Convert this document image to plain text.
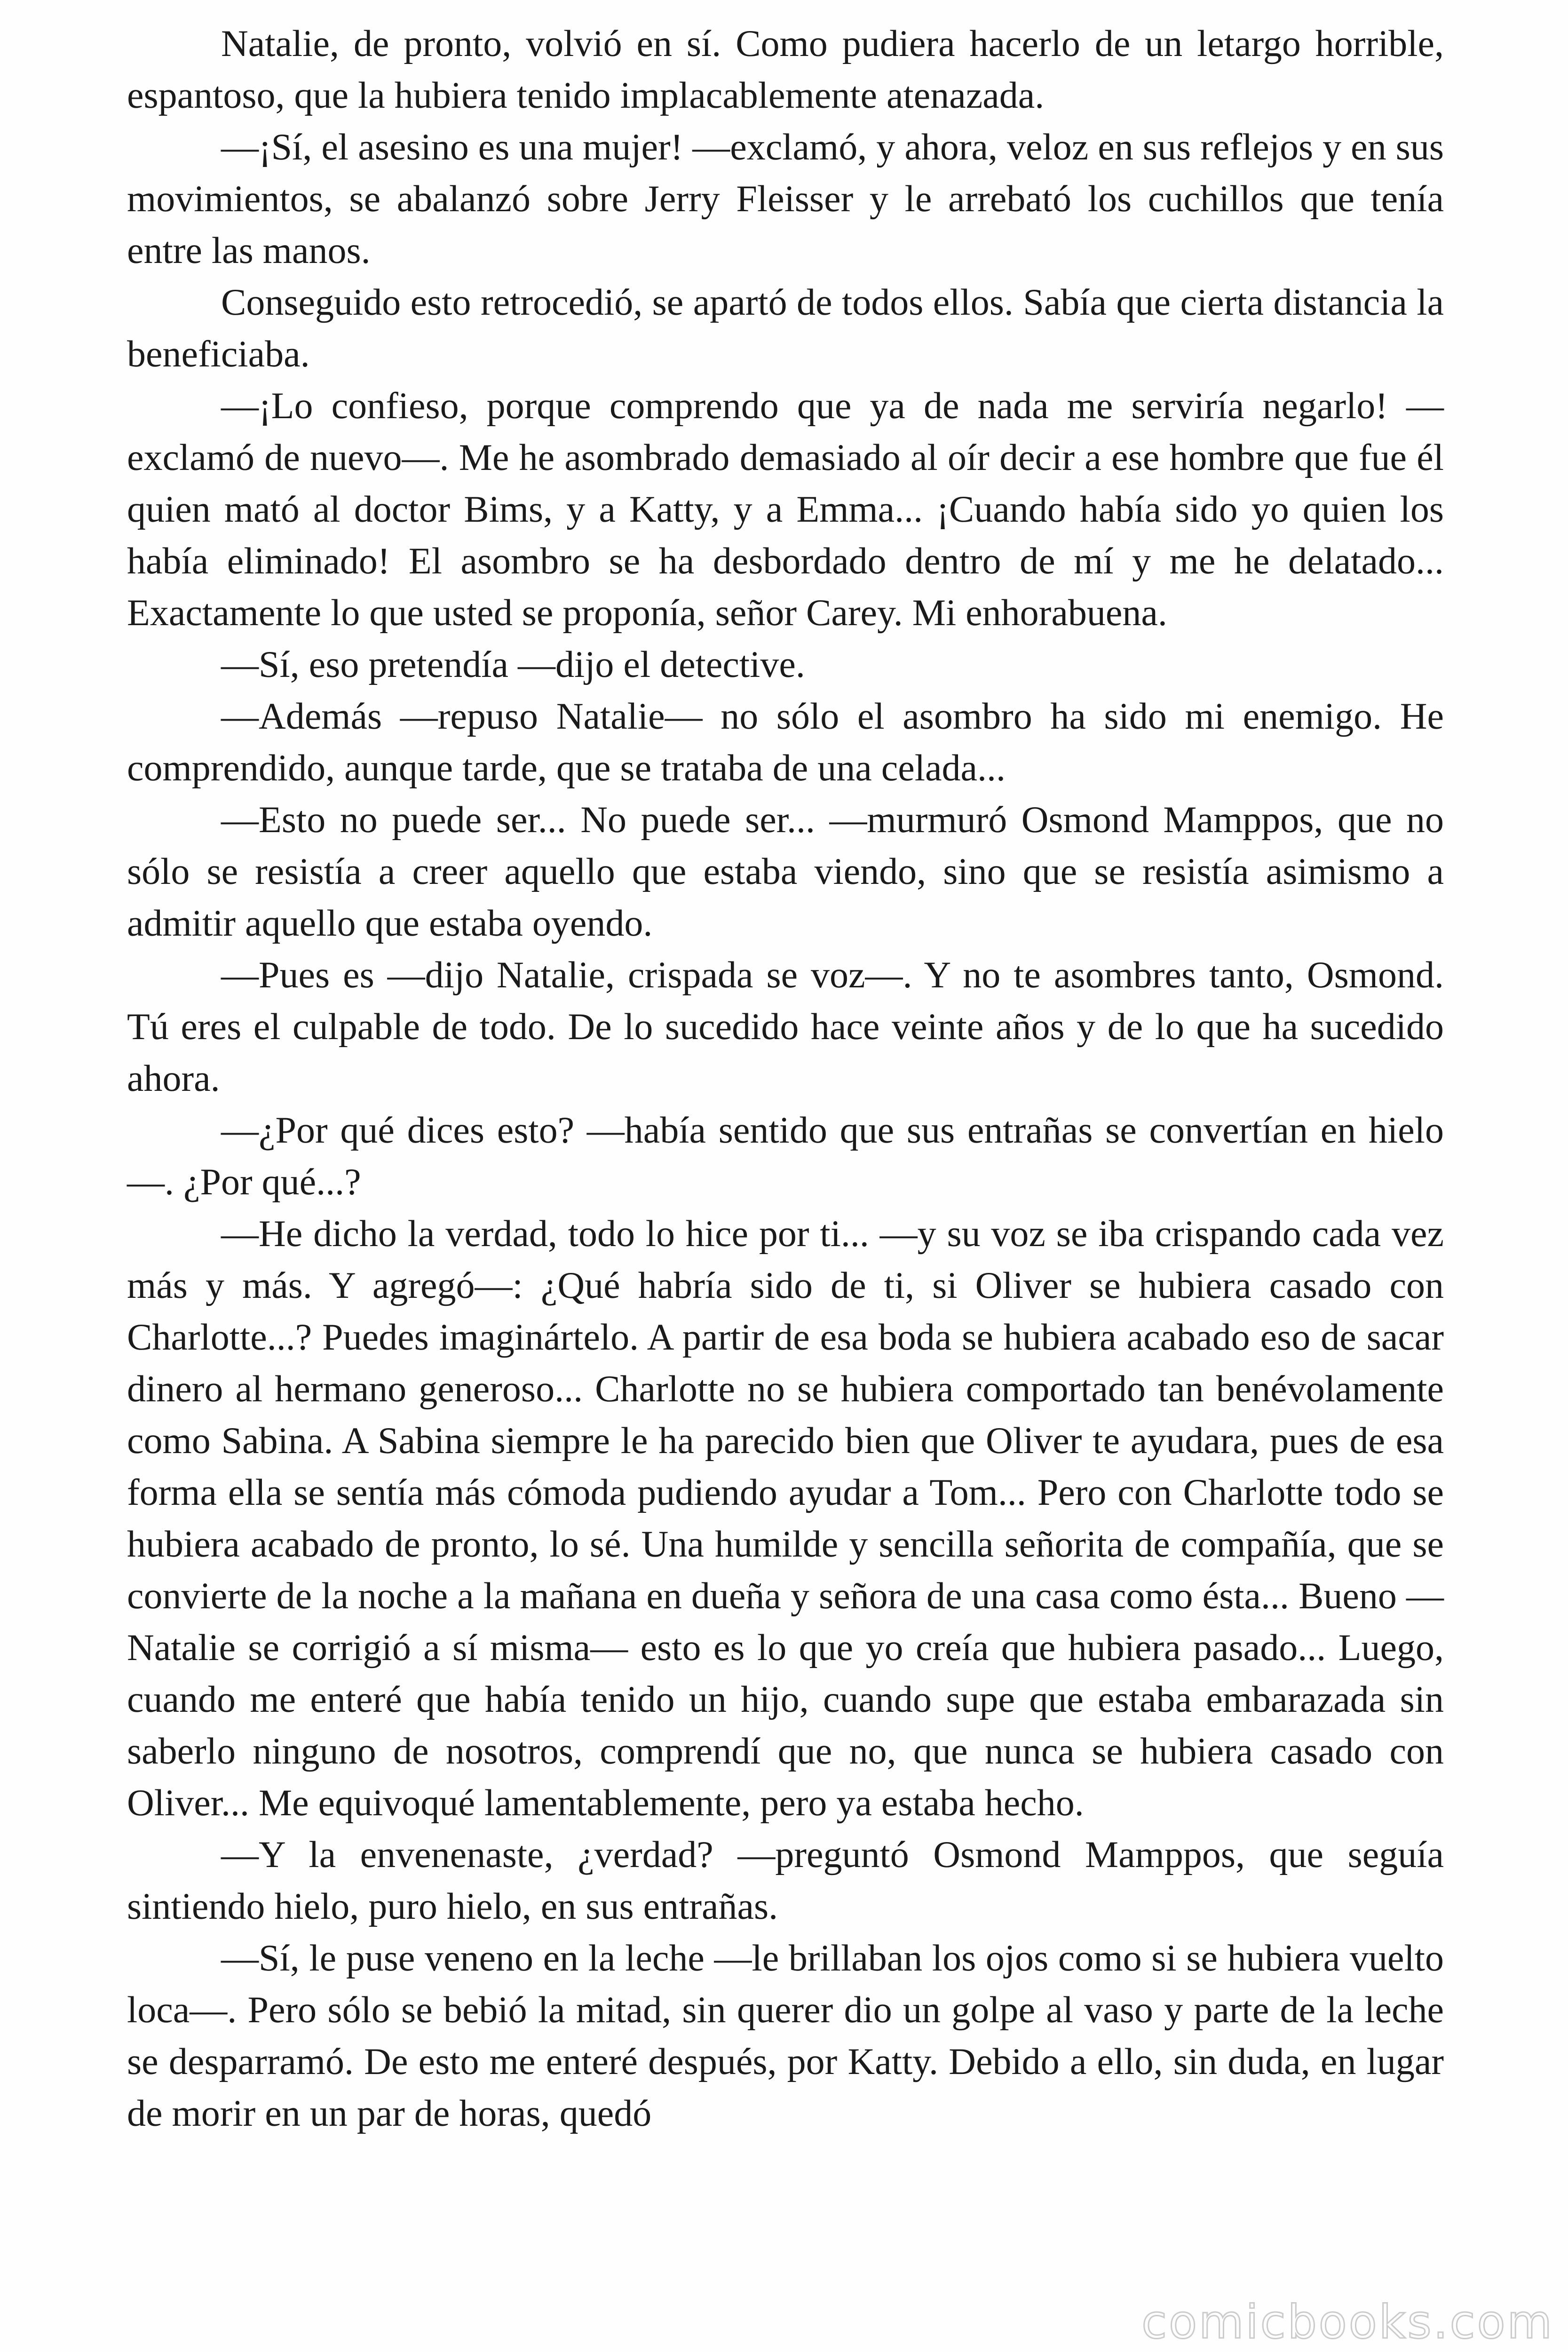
Natalie, de pronto, volvió en sí. Como pudiera hacerlo de un letargo horrible, espantoso, que la hubiera tenido implacablemente atenazada.

—¡Sí, el asesino es una mujer! —exclamó, y ahora, veloz en sus reflejos y en sus movimientos, se abalanzó sobre Jerry Fleisser y le arrebató los cuchillos que tenía entre las manos.

Conseguido esto retrocedió, se apartó de todos ellos. Sabía que cierta distancia la beneficiaba.

—¡Lo confieso, porque comprendo que ya de nada me serviría negarlo! —exclamó de nuevo—. Me he asombrado demasiado al oír decir a ese hombre que fue él quien mató al doctor Bims, y a Katty, y a Emma... ¡Cuando había sido yo quien los había eliminado! El asombro se ha desbordado dentro de mí y me he delatado... Exactamente lo que usted se proponía, señor Carey. Mi enhorabuena.

—Sí, eso pretendía —dijo el detective.

—Además —repuso Natalie— no sólo el asombro ha sido mi enemigo. He comprendido, aunque tarde, que se trataba de una celada...

—Esto no puede ser... No puede ser... —murmuró Osmond Mamppos, que no sólo se resistía a creer aquello que estaba viendo, sino que se resistía asimismo a admitir aquello que estaba oyendo.

—Pues es —dijo Natalie, crispada se voz—. Y no te asombres tanto, Osmond. Tú eres el culpable de todo. De lo sucedido hace veinte años y de lo que ha sucedido ahora.

—¿Por qué dices esto? —había sentido que sus entrañas se convertían en hielo—. ¿Por qué...?

—He dicho la verdad, todo lo hice por ti... —y su voz se iba crispando cada vez más y más. Y agregó—: ¿Qué habría sido de ti, si Oliver se hubiera casado con Charlotte...? Puedes imaginártelo. A partir de esa boda se hubiera acabado eso de sacar dinero al hermano generoso... Charlotte no se hubiera comportado tan benévolamente como Sabina. A Sabina siempre le ha parecido bien que Oliver te ayudara, pues de esa forma ella se sentía más cómoda pudiendo ayudar a Tom... Pero con Charlotte todo se hubiera acabado de pronto, lo sé. Una humilde y sencilla señorita de compañía, que se convierte de la noche a la mañana en dueña y señora de una casa como ésta... Bueno —Natalie se corrigió a sí misma— esto es lo que yo creía que hubiera pasado... Luego, cuando me enteré que había tenido un hijo, cuando supe que estaba embarazada sin saberlo ninguno de nosotros, comprendí que no, que nunca se hubiera casado con Oliver... Me equivoqué lamentablemente, pero ya estaba hecho.

—Y la envenenaste, ¿verdad? —preguntó Osmond Mamppos, que seguía sintiendo hielo, puro hielo, en sus entrañas.

—Sí, le puse veneno en la leche —le brillaban los ojos como si se hubiera vuelto loca—. Pero sólo se bebió la mitad, sin querer dio un golpe al vaso y parte de la leche se desparramó. De esto me enteré después, por Katty. Debido a ello, sin duda, en lugar de morir en un par de horas, quedó

comicbooks.com
